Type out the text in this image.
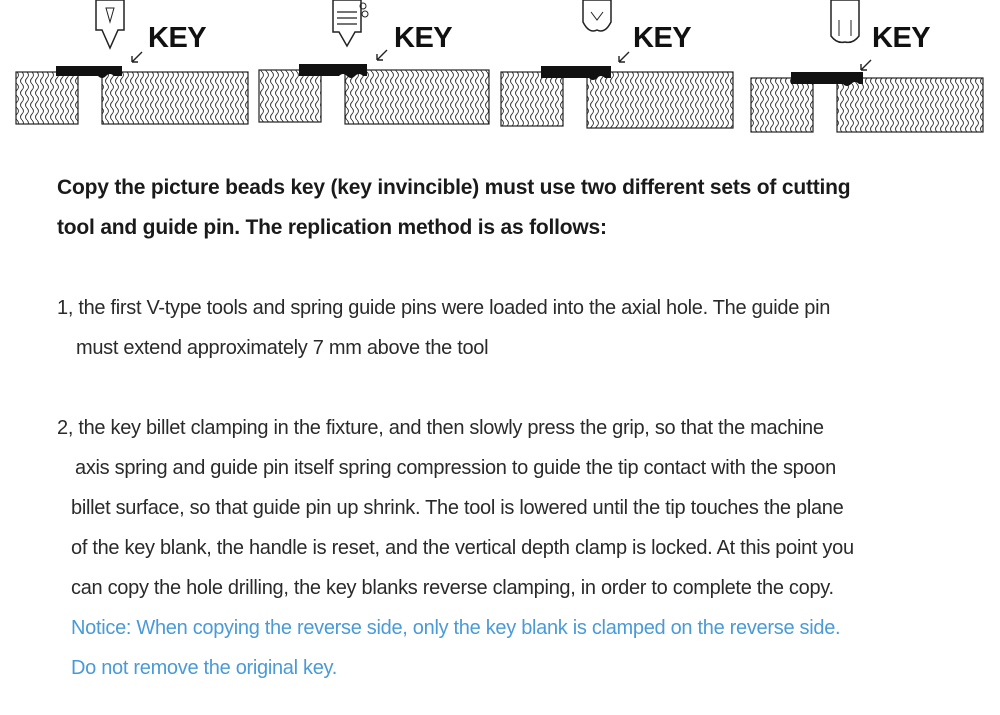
KEY	KEY	KEY	KEY
Copy the picture beads key (key invincible) must use two different sets of cutting
tool and guide pin. The replication method is as follows:
1, the first V-type tools and spring guide pins were loaded into the axial hole. The guide pin
must extend approximately 7 mm above the tool
2, the key billet clamping in the fixture, and then slowly press the grip, so that the machine
axis spring and guide pin itself spring compression to guide the tip contact with the spoon
billet surface, so that guide pin up shrink. The tool is lowered until the tip touches the plane
of the key blank, the handle is reset, and the vertical depth clamp is locked. At this point you
can copy the hole drilling, the key blanks reverse clamping, in order to complete the copy.
Notice: When copying the reverse side, only the key blank is clamped on the reverse side.
Do not remove the original key.
